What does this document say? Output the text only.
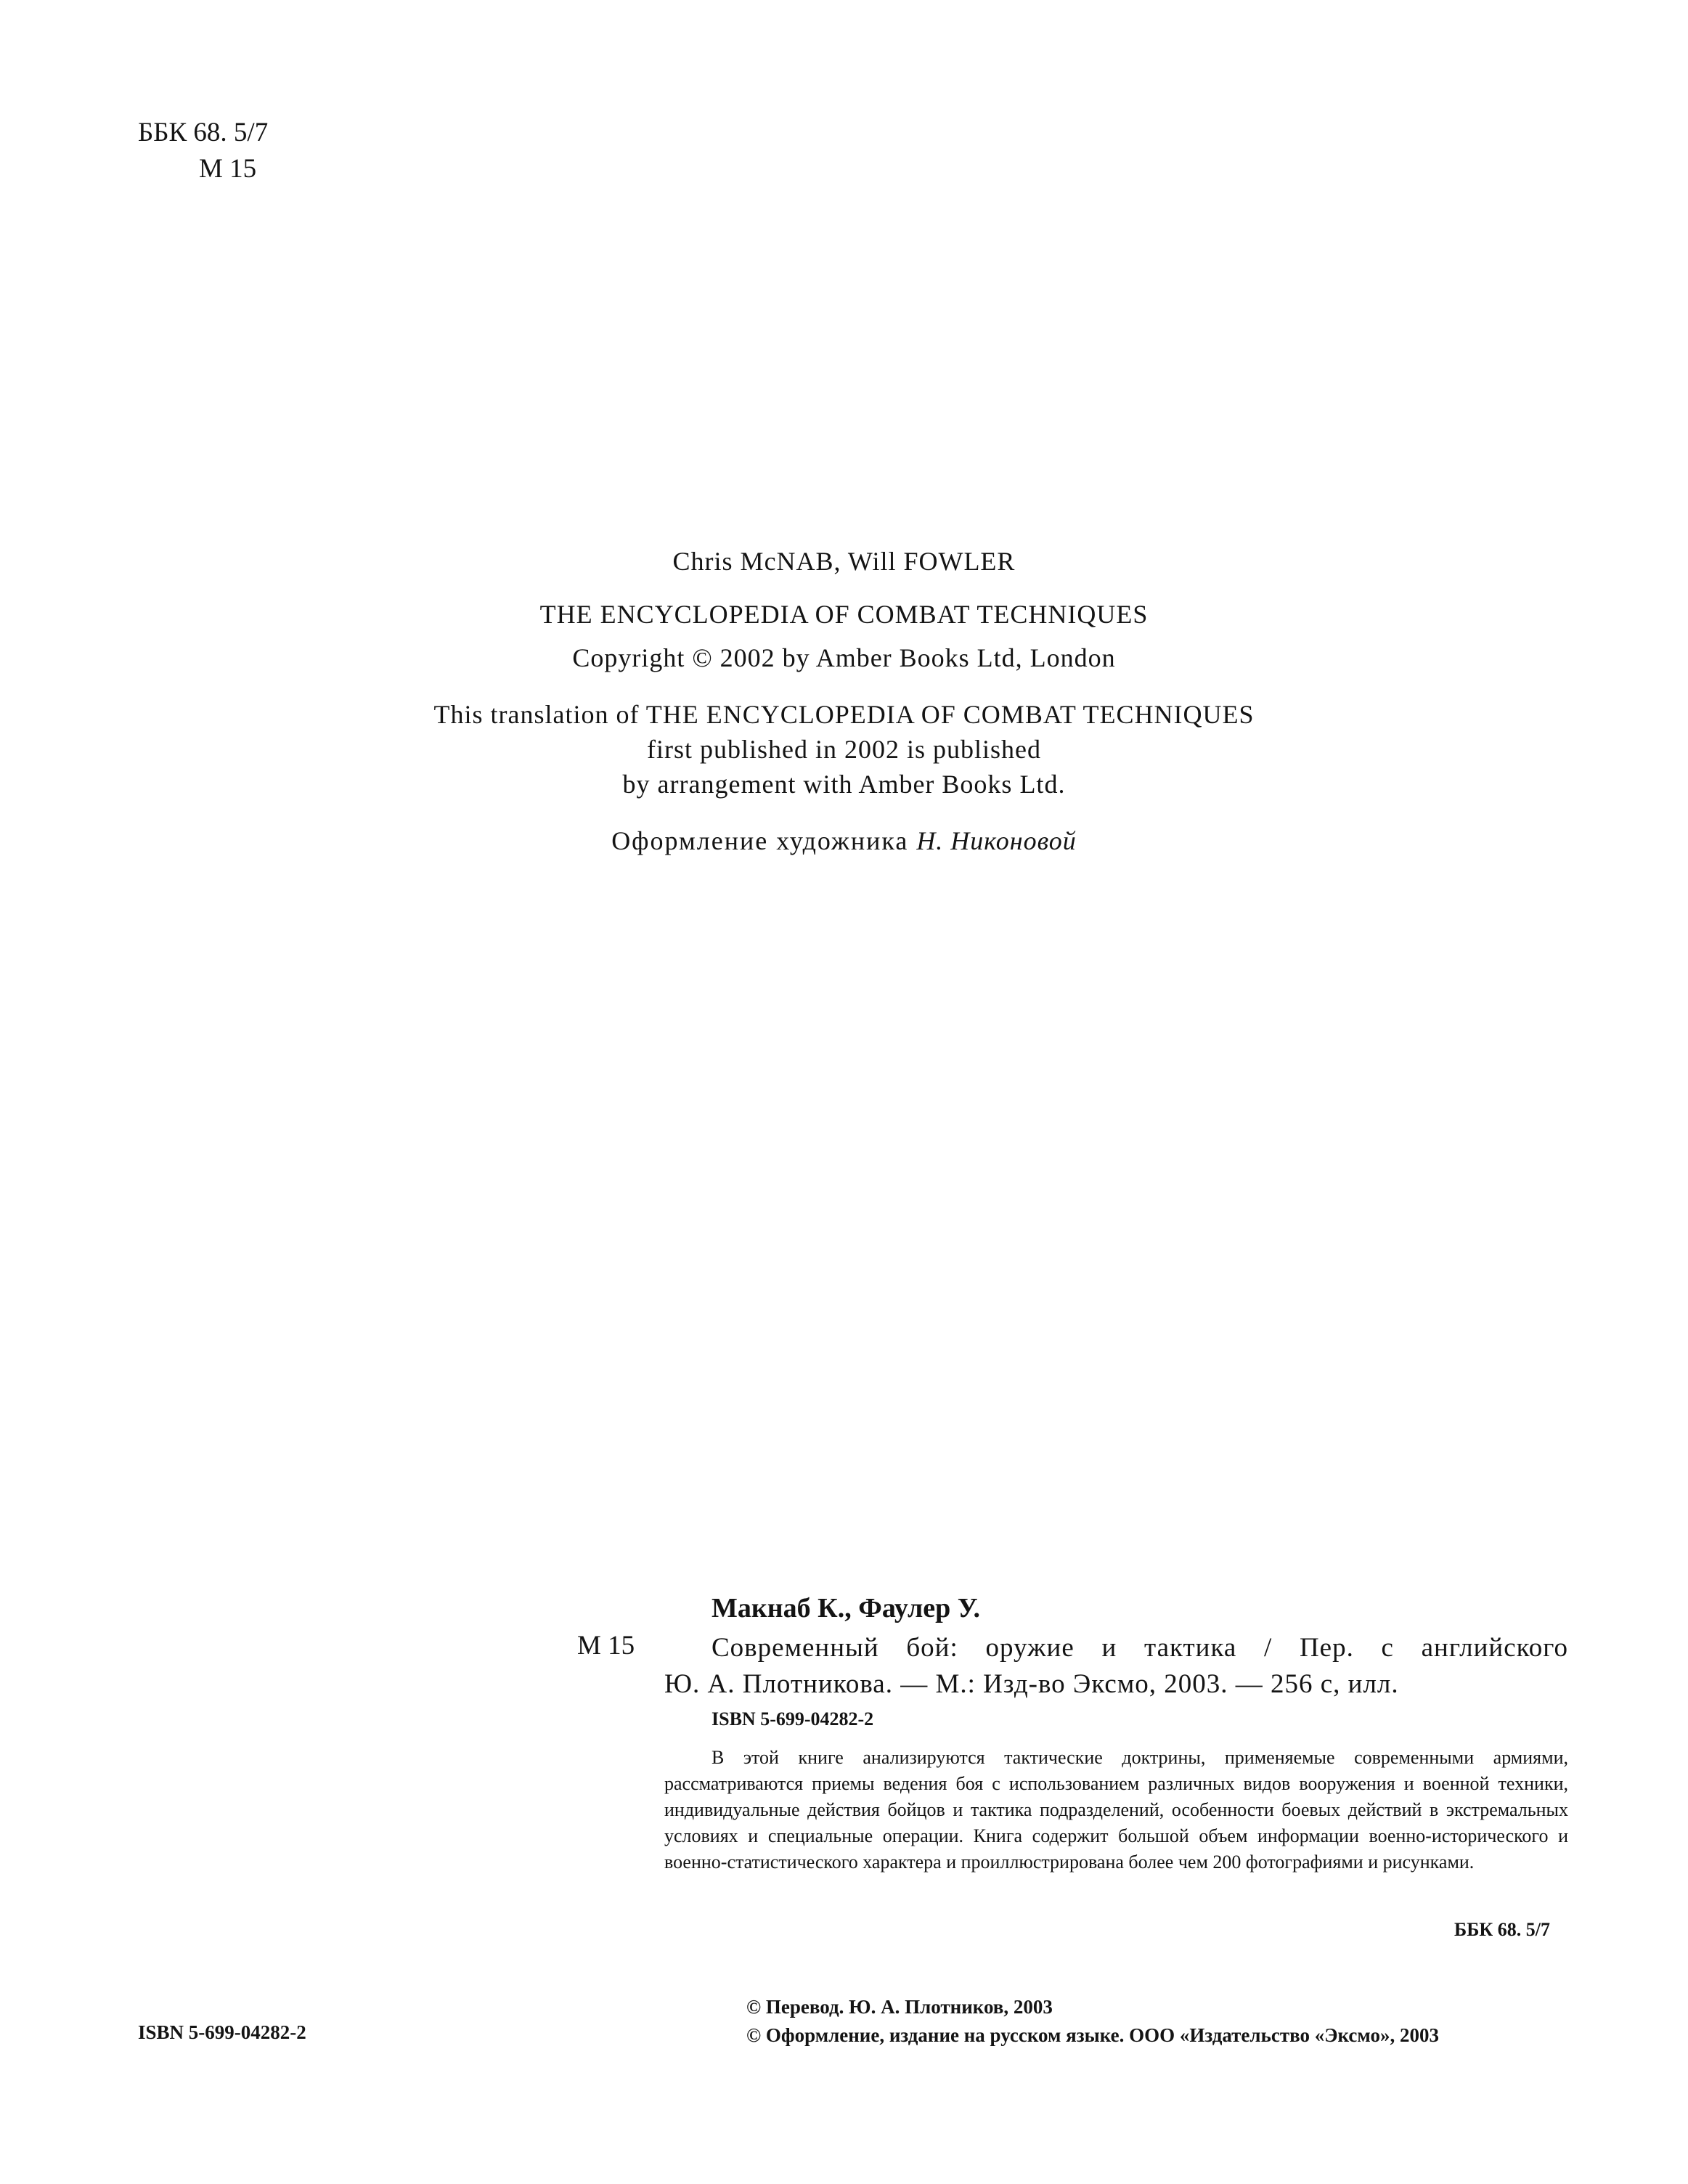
ББК 68. 5/7
М 15
Chris McNAB, Will FOWLER
THE ENCYCLOPEDIA OF COMBAT TECHNIQUES
Copyright © 2002 by Amber Books Ltd, London
This translation of THE ENCYCLOPEDIA OF COMBAT TECHNIQUES
first published in 2002 is published
by arrangement with Amber Books Ltd.
Оформление художника Н. Никоновой
Макнаб К., Фаулер У.
М 15	Современный бой: оружие и тактика / Пер. с английского
Ю. А. Плотникова. — М.: Изд-во Эксмо, 2003. — 256 с, илл.
ISBN 5-699-04282-2
В этой книге анализируются тактические доктрины, применяемые современными армиями, рассматриваются приемы ведения боя с использованием различных видов вооружения и военной техники, индивидуальные действия бойцов и тактика подразделений, особенности боевых действий в экстремальных условиях и специальные операции. Книга содержит большой объем информации военно-исторического и военно-статистического характера и проиллюстрирована более чем 200 фотографиями и рисунками.
ББК 68. 5/7
ISBN 5-699-04282-2
© Перевод. Ю. А. Плотников, 2003
© Оформление, издание на русском языке. ООО «Издательство «Эксмо», 2003
